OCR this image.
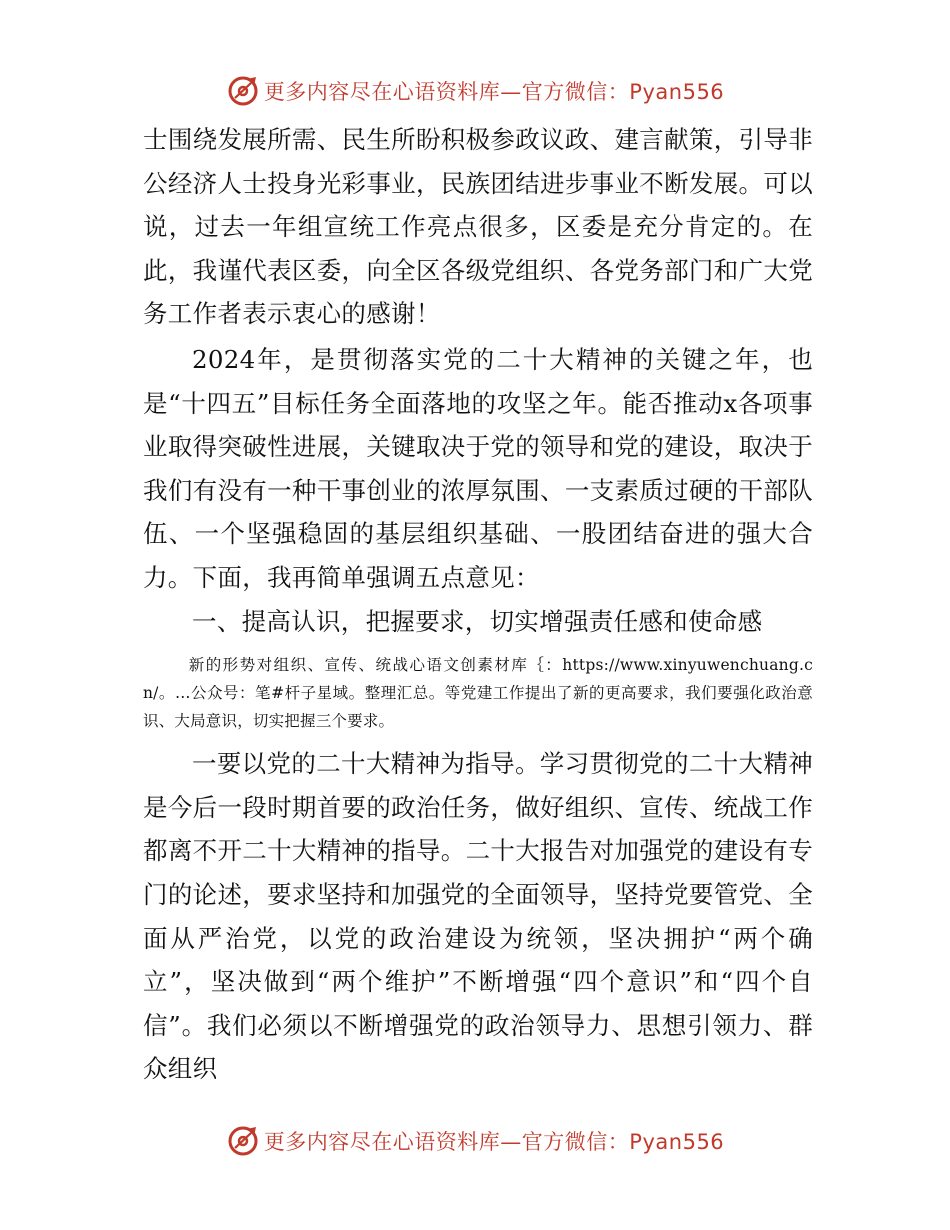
更多内容尽在心语资料库—官方微信：Pyan556

士围绕发展所需、民生所盼积极参政议政、建言献策，引导非公经济人士投身光彩事业，民族团结进步事业不断发展。可以说，过去一年组宣统工作亮点很多，区委是充分肯定的。在此，我谨代表区委，向全区各级党组织、各党务部门和广大党务工作者表示衷心的感谢！

2024年，是贯彻落实党的二十大精神的关键之年，也是“十四五”目标任务全面落地的攻坚之年。能否推动x各项事业取得突破性进展，关键取决于党的领导和党的建设，取决于我们有没有一种干事创业的浓厚氛围、一支素质过硬的干部队伍、一个坚强稳固的基层组织基础、一股团结奋进的强大合力。下面，我再简单强调五点意见：

一、提高认识，把握要求，切实增强责任感和使命感

新的形势对组织、宣传、统战心语文创素材库｛：https://www.xinyuwenchuang.cn/。…公众号：笔#杆子星域。整理汇总。等党建工作提出了新的更高要求，我们要强化政治意识、大局意识，切实把握三个要求。

一要以党的二十大精神为指导。学习贯彻党的二十大精神是今后一段时期首要的政治任务，做好组织、宣传、统战工作都离不开二十大精神的指导。二十大报告对加强党的建设有专门的论述，要求坚持和加强党的全面领导，坚持党要管党、全面从严治党，以党的政治建设为统领，坚决拥护“两个确立”，坚决做到“两个维护”不断增强“四个意识”和“四个自信”。我们必须以不断增强党的政治领导力、思想引领力、群众组织

更多内容尽在心语资料库—官方微信：Pyan556
